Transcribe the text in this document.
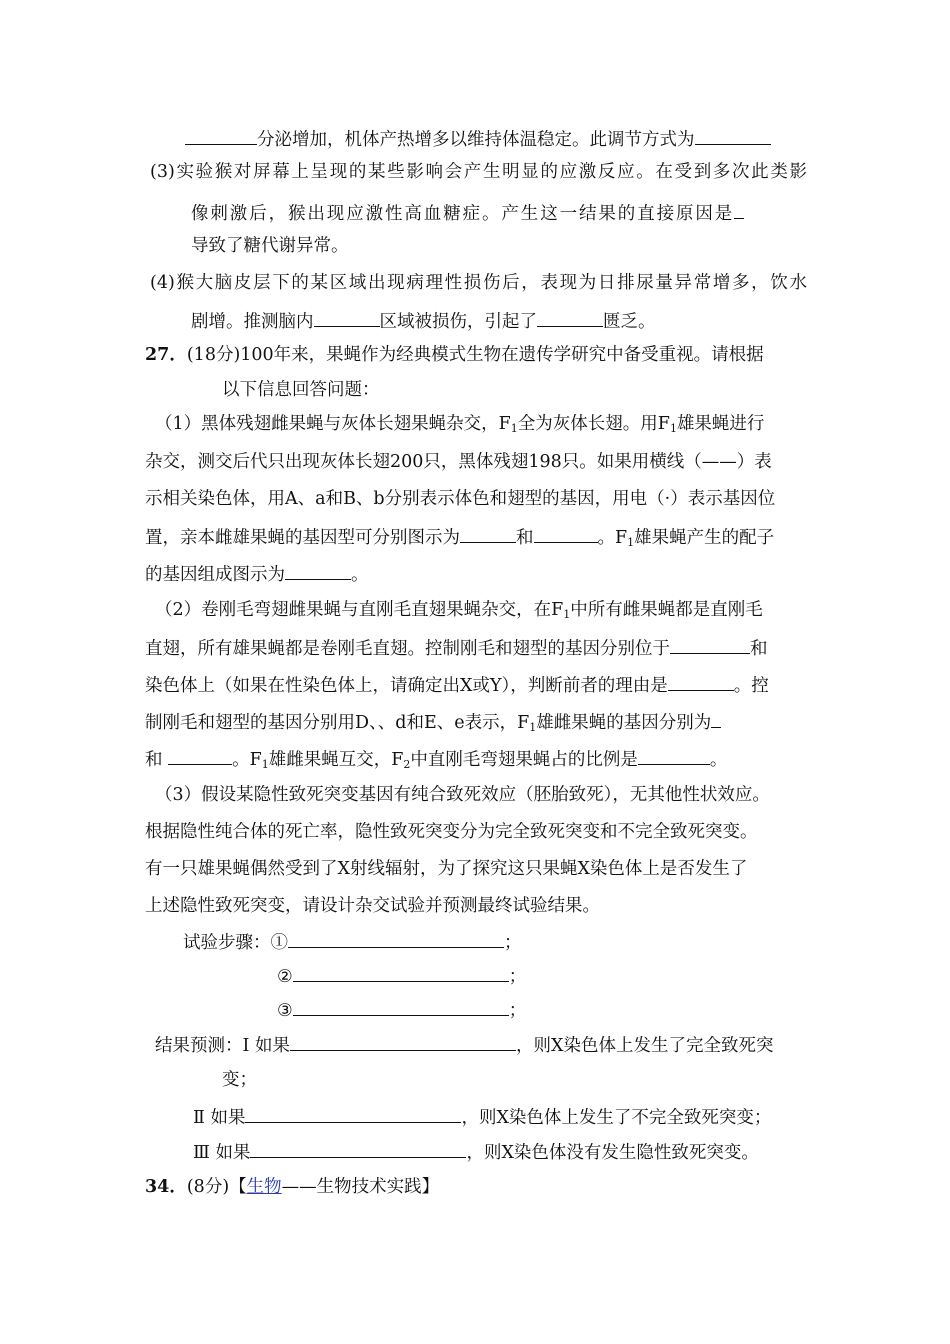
分泌增加，机体产热增多以维持体温稳定。此调节方式为
(3)实验猴对屏幕上呈现的某些影响会产生明显的应激反应。在受到多次此类影
像刺激后，猴出现应激性高血糖症。产生这一结果的直接原因是
导致了糖代谢异常。
(4)猴大脑皮层下的某区域出现病理性损伤后，表现为日排尿量异常增多，饮水
剧增。推测脑内	区域被损伤，引起了	匮乏。
27．(18分)100年来，果蝇作为经典模式生物在遗传学研究中备受重视。请根据
以下信息回答问题：
（1）黑体残翅雌果蝇与灰体长翅果蝇杂交，$F_1$全为灰体长翅。用$F_1$雄果蝇进行
杂交，测交后代只出现灰体长翅200只，黑体残翅198只。如果用横线（——）表
示相关染色体，用A、a和B、b分别表示体色和翅型的基因，用电（·）表示基因位
置，亲本雌雄果蝇的基因型可分别图示为	和	。$F_1$雄果蝇产生的配子
的基因组成图示为	。
（2）卷刚毛弯翅雌果蝇与直刚毛直翅果蝇杂交，在$F_1$中所有雌果蝇都是直刚毛
直翅，所有雄果蝇都是卷刚毛直翅。控制刚毛和翅型的基因分别位于	和
染色体上（如果在性染色体上，请确定出X或Y），判断前者的理由是	。控
制刚毛和翅型的基因分别用D、、d和E、e表示，$F_1$雄雌果蝇的基因分别为
和	。$F_1$雄雌果蝇互交，$F_2$中直刚毛弯翅果蝇占的比例是	。
（3）假设某隐性致死突变基因有纯合致死效应（胚胎致死），无其他性状效应。
根据隐性纯合体的死亡率，隐性致死突变分为完全致死突变和不完全致死突变。
有一只雄果蝇偶然受到了X射线辐射，为了探究这只果蝇X染色体上是否发生了
上述隐性致死突变，请设计杂交试验并预测最终试验结果。
试验步骤：①	；
②	；
③	；
结果预测：Ⅰ 如果	，则X染色体上发生了完全致死突
变；
Ⅱ 如果	，则X染色体上发生了不完全致死突变；
Ⅲ 如果	，则X染色体没有发生隐性致死突变。
34．(8分)【生物——生物技术实践】
